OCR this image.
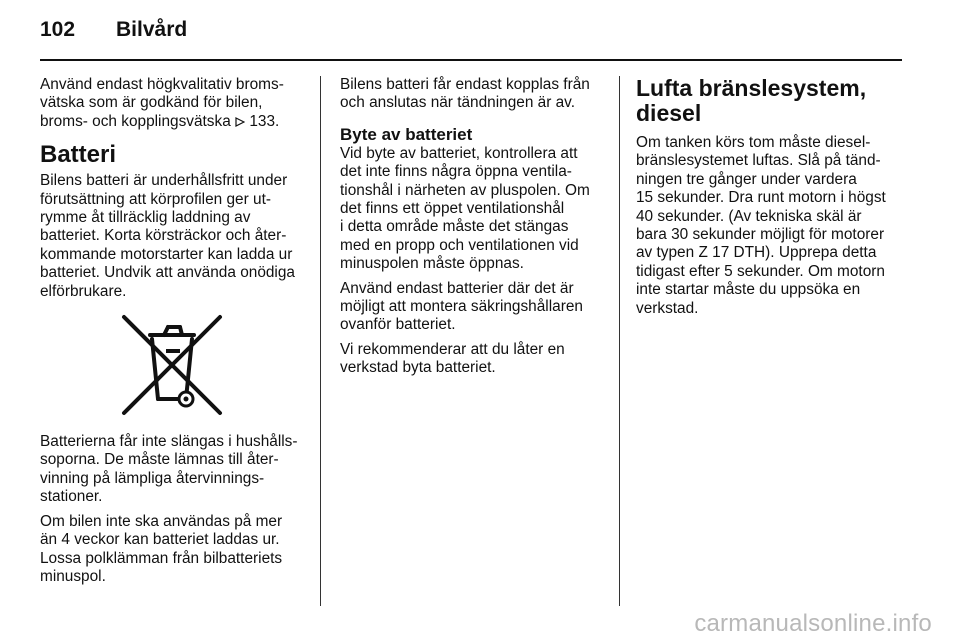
102 Bilvård

Använd endast högkvalitativ broms-
vätska som är godkänd för bilen,
broms- och kopplingsvätska 133.

Batteri

Bilens batteri är underhållsfritt under
förutsättning att körprofilen ger ut-
rymme åt tillräcklig laddning av
batteriet. Korta körsträckor och åter-
kommande motorstarter kan ladda ur
batteriet. Undvik att använda onödiga
elförbrukare.

Batterierna får inte slängas i hushålls-
soporna. De måste lämnas till åter-
vinning på lämpliga återvinnings-
stationer.

Om bilen inte ska användas på mer
än 4 veckor kan batteriet laddas ur.
Lossa polklämman från bilbatteriets
minuspol.

Bilens batteri får endast kopplas från
och anslutas när tändningen är av.

Byte av batteriet

Vid byte av batteriet, kontrollera att
det inte finns några öppna ventila-
tionshål i närheten av pluspolen. Om
det finns ett öppet ventilationshål
i detta område måste det stängas
med en propp och ventilationen vid
minuspolen måste öppnas.

Använd endast batterier där det är
möjligt att montera säkringshållaren
ovanför batteriet.

Vi rekommenderar att du låter en
verkstad byta batteriet.

Lufta bränslesystem,
diesel

Om tanken körs tom måste diesel-
bränslesystemet luftas. Slå på tänd-
ningen tre gånger under vardera
15 sekunder. Dra runt motorn i högst
40 sekunder. (Av tekniska skäl är
bara 30 sekunder möjligt för motorer
av typen Z 17 DTH). Upprepa detta
tidigast efter 5 sekunder. Om motorn
inte startar måste du uppsöka en
verkstad.

carmanualsonline.info
